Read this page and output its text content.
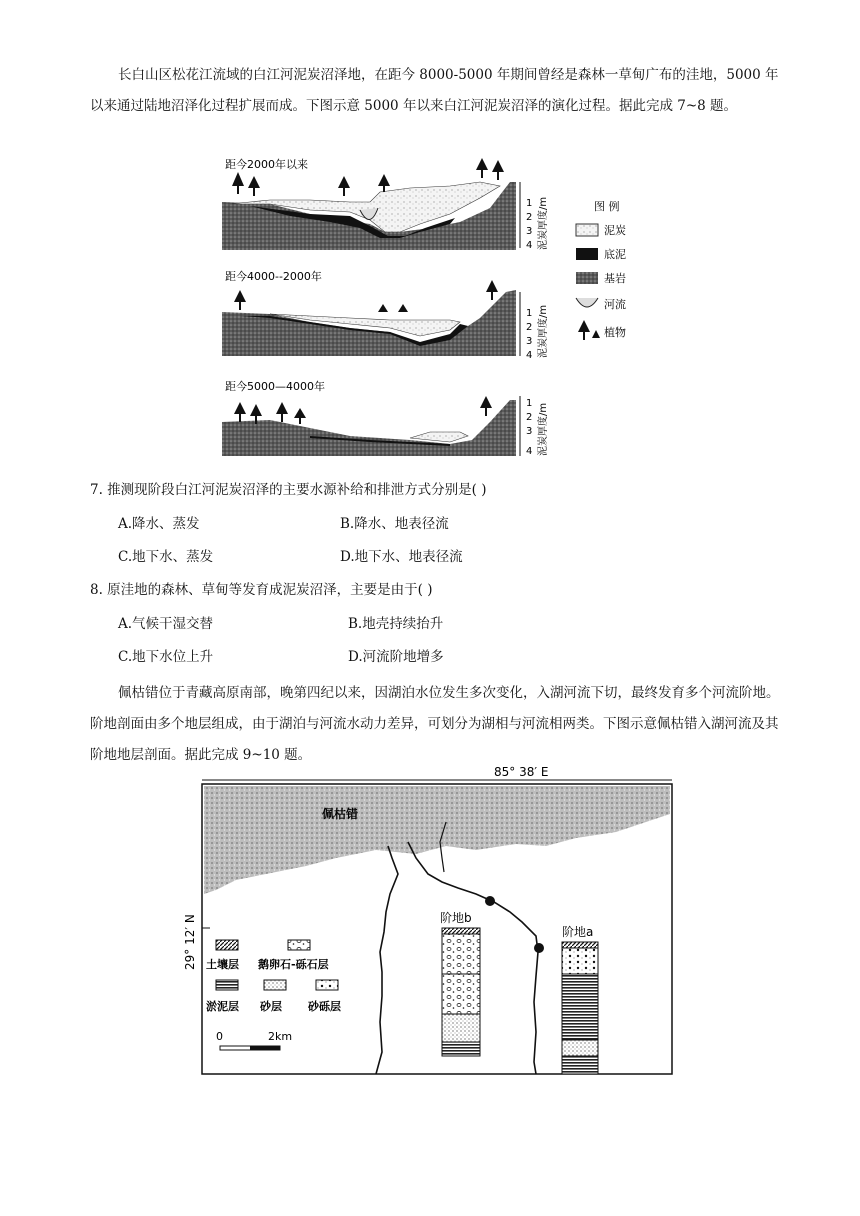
长白山区松花江流域的白江河泥炭沼泽地，在距今 8000-5000 年期间曾经是森林一草甸广布的洼地，5000 年以来通过陆地沼泽化过程扩展而成。下图示意 5000 年以来白江河泥炭沼泽的演化过程。据此完成 7~8 题。

距今2000年以来
1
2
3
4 泥炭厚度/m
距今4000--2000年
1
2
3
4 泥炭厚度/m
距今5000—4000年
1
2
3
4 泥炭厚度/m
图 例
泥炭
底泥
基岩
河流
植物

7. 推测现阶段白江河泥炭沼泽的主要水源补给和排泄方式分别是( )

A.降水、蒸发	B.降水、地表径流

C.地下水、蒸发	D.地下水、地表径流

8. 原洼地的森林、草甸等发育成泥炭沼泽，主要是由于( )

A.气候干湿交替	B.地壳持续抬升

C.地下水位上升	D.河流阶地增多

佩枯错位于青藏高原南部，晚第四纪以来，因湖泊水位发生多次变化，入湖河流下切，最终发育多个河流阶地。阶地剖面由多个地层组成，由于湖泊与河流水动力差异，可划分为湖相与河流相两类。下图示意佩枯错入湖河流及其阶地地层剖面。据此完成 9~10 题。

佩枯错
85° 38′ E
29° 12′ N	阶地b
阶地a
土壤层 鹅卵石-砾石层
淤泥层 砂层 砂砾层
0	2km
